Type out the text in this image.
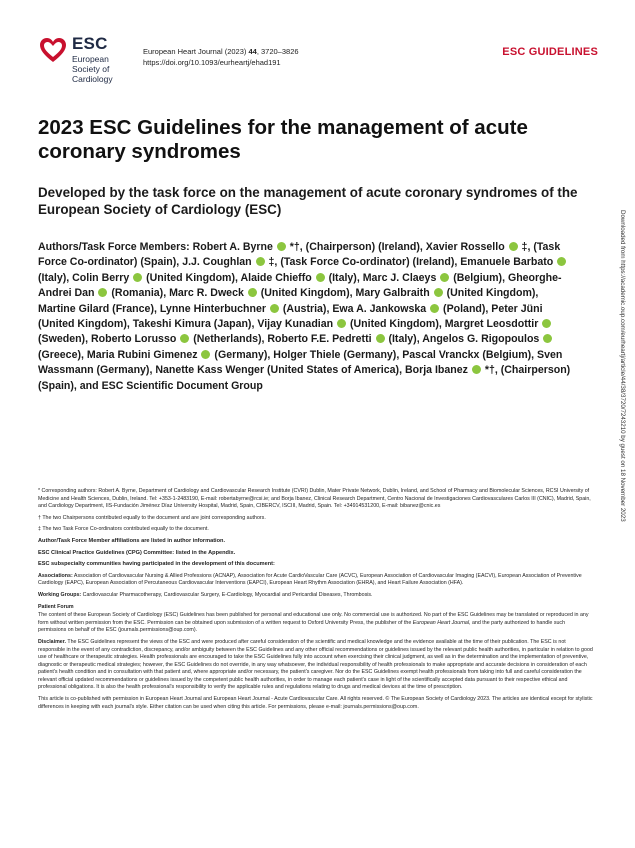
ESC
European Society of Cardiology
European Heart Journal (2023) 44, 3720–3826
https://doi.org/10.1093/eurheartj/ehad191
ESC GUIDELINES
2023 ESC Guidelines for the management of acute coronary syndromes
Developed by the task force on the management of acute coronary syndromes of the European Society of Cardiology (ESC)
Authors/Task Force Members: Robert A. Byrne  *†, (Chairperson) (Ireland), Xavier Rossello  ‡, (Task Force Co-ordinator) (Spain), J.J. Coughlan  ‡, (Task Force Co-ordinator) (Ireland), Emanuele Barbato  (Italy), Colin Berry  (United Kingdom), Alaide Chieffo  (Italy), Marc J. Claeys  (Belgium), Gheorghe-Andrei Dan  (Romania), Marc R. Dweck  (United Kingdom), Mary Galbraith  (United Kingdom), Martine Gilard (France), Lynne Hinterbuchner  (Austria), Ewa A. Jankowska  (Poland), Peter Jüni (United Kingdom), Takeshi Kimura (Japan), Vijay Kunadian  (United Kingdom), Margret Leosdottir  (Sweden), Roberto Lorusso  (Netherlands), Roberto F.E. Pedretti  (Italy), Angelos G. Rigopoulos  (Greece), Maria Rubini Gimenez  (Germany), Holger Thiele (Germany), Pascal Vranckx (Belgium), Sven Wassmann (Germany), Nanette Kass Wenger (United States of America), Borja Ibanez  *†, (Chairperson) (Spain), and ESC Scientific Document Group

* Corresponding authors: Robert A. Byrne, Department of Cardiology and Cardiovascular Research Institute (CVRI) Dublin, Mater Private Network, Dublin, Ireland, and School of Pharmacy and Biomolecular Sciences, RCSI University of Medicine and Health Sciences, Dublin, Ireland. Tel: +353-1-2483190, E-mail: robertabyrne@rcsi.ie; and Borja Ibanez, Clinical Research Department, Centro Nacional de Investigaciones Cardiovasculares Carlos III (CNIC), Madrid, Spain, and Cardiology Department, IIS-Fundación Jiménez Díaz University Hospital, Madrid, Spain, CIBERCV, ISCIII, Madrid, Spain. Tel: +34914531200, E-mail: bibanez@cnic.es

† The two Chairpersons contributed equally to the document and are joint corresponding authors.

‡ The two Task Force Co-ordinators contributed equally to the document.

Author/Task Force Member affiliations are listed in author information.

ESC Clinical Practice Guidelines (CPG) Committee: listed in the Appendix.

ESC subspecialty communities having participated in the development of this document:

Associations: Association of Cardiovascular Nursing & Allied Professions (ACNAP), Association for Acute CardioVascular Care (ACVC), European Association of Cardiovascular Imaging (EACVI), European Association of Preventive Cardiology (EAPC), European Association of Percutaneous Cardiovascular Interventions (EAPCI), European Heart Rhythm Association (EHRA), and Heart Failure Association (HFA).

Working Groups: Cardiovascular Pharmacotherapy, Cardiovascular Surgery, E-Cardiology, Myocardial and Pericardial Diseases, Thrombosis.

Patient Forum

The content of these European Society of Cardiology (ESC) Guidelines has been published for personal and educational use only. No commercial use is authorized. No part of the ESC Guidelines may be translated or reproduced in any form without written permission from the ESC. Permission can be obtained upon submission of a written request to Oxford University Press, the publisher of the European Heart Journal, and the party authorized to handle such permissions on behalf of the ESC (journals.permissions@oup.com).

Disclaimer. The ESC Guidelines represent the views of the ESC and were produced after careful consideration of the scientific and medical knowledge and the evidence available at the time of their publication. The ESC is not responsible in the event of any contradiction, discrepancy, and/or ambiguity between the ESC Guidelines and any other official recommendations or guidelines issued by the relevant public health authorities, in particular in relation to good use of healthcare or therapeutic strategies. Health professionals are encouraged to take the ESC Guidelines fully into account when exercising their clinical judgment, as well as in the determination and the implementation of preventive, diagnostic or therapeutic medical strategies; however, the ESC Guidelines do not override, in any way whatsoever, the individual responsibility of health professionals to make appropriate and accurate decisions in consideration of each patient's health condition and in consultation with that patient and, where appropriate and/or necessary, the patient's caregiver. Nor do the ESC Guidelines exempt health professionals from taking into full and careful consideration the relevant official updated recommendations or guidelines issued by the competent public health authorities, in order to manage each patient's case in light of the scientifically accepted data pursuant to their respective ethical and professional obligations. It is also the health professional's responsibility to verify the applicable rules and regulations relating to drugs and medical devices at the time of prescription.

This article is co-published with permission in European Heart Journal and European Heart Journal - Acute Cardiovascular Care. All rights reserved. © The European Society of Cardiology 2023. The articles are identical except for stylistic differences in keeping with each journal's style. Either citation can be used when citing this article. For permissions, please e-mail: journals.permissions@oup.com.

Downloaded from https://academic.oup.com/eurheartj/article/44/38/3720/7243210 by guest on 18 November 2023
